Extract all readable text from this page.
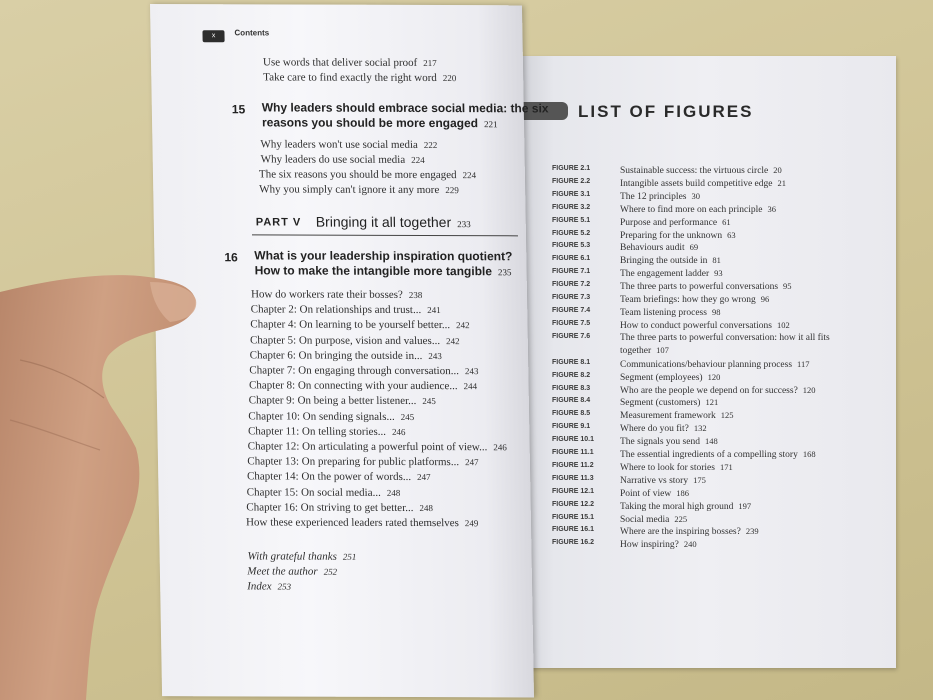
LIST OF FIGURES
FIGURE 2.1	Sustainable success: the virtuous circle 20
FIGURE 2.2	Intangible assets build competitive edge 21
FIGURE 3.1	The 12 principles 30
FIGURE 3.2	Where to find more on each principle 36
FIGURE 5.1	Purpose and performance 61
FIGURE 5.2	Preparing for the unknown 63
FIGURE 5.3	Behaviours audit 69
FIGURE 6.1	Bringing the outside in 81
FIGURE 7.1	The engagement ladder 93
FIGURE 7.2	The three parts to powerful conversations 95
FIGURE 7.3	Team briefings: how they go wrong 96
FIGURE 7.4	Team listening process 98
FIGURE 7.5	How to conduct powerful conversations 102
FIGURE 7.6	The three parts to powerful conversation: how it all fits together 107
FIGURE 8.1	Communications/behaviour planning process 117
FIGURE 8.2	Segment (employees) 120
FIGURE 8.3	Who are the people we depend on for success? 120
FIGURE 8.4	Segment (customers) 121
FIGURE 8.5	Measurement framework 125
FIGURE 9.1	Where do you fit? 132
FIGURE 10.1	The signals you send 148
FIGURE 11.1	The essential ingredients of a compelling story 168
FIGURE 11.2	Where to look for stories 171
FIGURE 11.3	Narrative vs story 175
FIGURE 12.1	Point of view 186
FIGURE 12.2	Taking the moral high ground 197
FIGURE 15.1	Social media 225
FIGURE 16.1	Where are the inspiring bosses? 239
FIGURE 16.2	How inspiring? 240
x	Contents
Use words that deliver social proof 217
Take care to find exactly the right word 220
15 Why leaders should embrace social media: the six
reasons you should be more engaged 221
Why leaders won't use social media 222
Why leaders do use social media 224
The six reasons you should be more engaged 224
Why you simply can't ignore it any more 229
PART V Bringing it all together 233
16 What is your leadership inspiration quotient?
How to make the intangible more tangible 235
How do workers rate their bosses? 238
Chapter 2: On relationships and trust... 241
Chapter 4: On learning to be yourself better... 242
Chapter 5: On purpose, vision and values... 242
Chapter 6: On bringing the outside in... 243
Chapter 7: On engaging through conversation... 243
Chapter 8: On connecting with your audience... 244
Chapter 9: On being a better listener... 245
Chapter 10: On sending signals... 245
Chapter 11: On telling stories... 246
Chapter 12: On articulating a powerful point of view... 246
Chapter 13: On preparing for public platforms... 247
Chapter 14: On the power of words... 247
Chapter 15: On social media... 248
Chapter 16: On striving to get better... 248
How these experienced leaders rated themselves 249
With grateful thanks 251
Meet the author 252
Index 253
